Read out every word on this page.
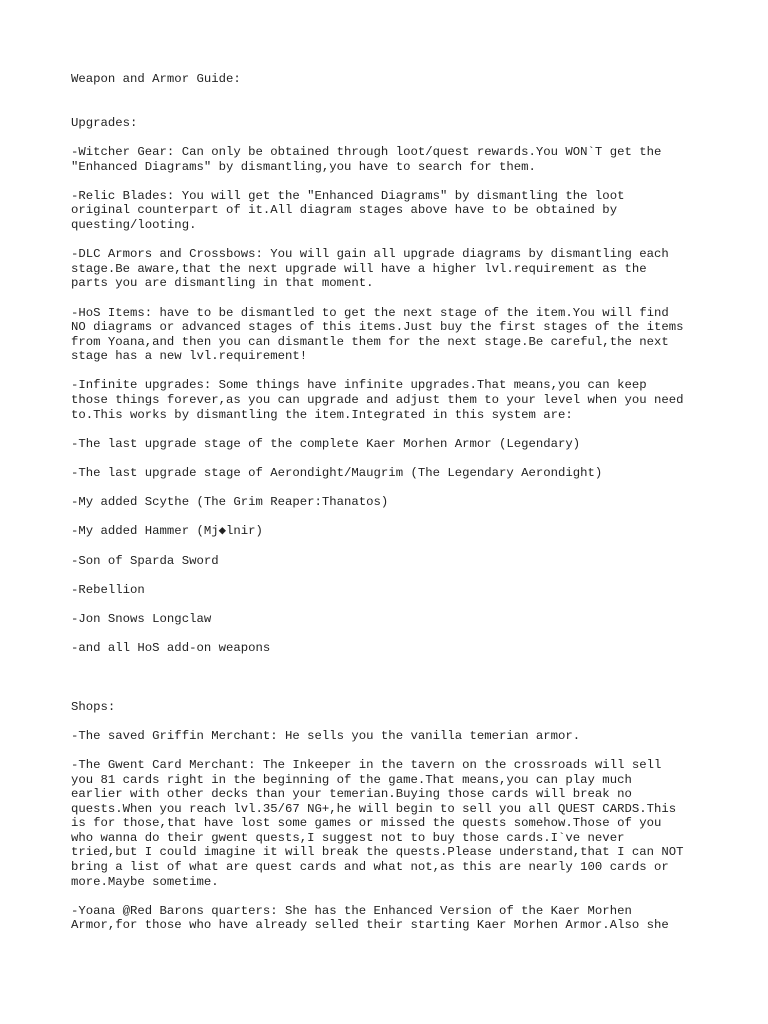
Weapon and Armor Guide:
Upgrades:
-Witcher Gear: Can only be obtained through loot/quest rewards.You WON`T get the
"Enhanced Diagrams" by dismantling,you have to search for them.
-Relic Blades: You will get the "Enhanced Diagrams" by dismantling the loot
original counterpart of it.All diagram stages above have to be obtained by
questing/looting.
-DLC Armors and Crossbows: You will gain all upgrade diagrams by dismantling each
stage.Be aware,that the next upgrade will have a higher lvl.requirement as the
parts you are dismantling in that moment.
-HoS Items: have to be dismantled to get the next stage of the item.You will find
NO diagrams or advanced stages of this items.Just buy the first stages of the items
from Yoana,and then you can dismantle them for the next stage.Be careful,the next
stage has a new lvl.requirement!
-Infinite upgrades: Some things have infinite upgrades.That means,you can keep
those things forever,as you can upgrade and adjust them to your level when you need
to.This works by dismantling the item.Integrated in this system are:
-The last upgrade stage of the complete Kaer Morhen Armor (Legendary)
-The last upgrade stage of Aerondight/Maugrim (The Legendary Aerondight)
-My added Scythe (The Grim Reaper:Thanatos)
-My added Hammer (Mj◆lnir)
-Son of Sparda Sword
-Rebellion
-Jon Snows Longclaw
-and all HoS add-on weapons
Shops:
-The saved Griffin Merchant: He sells you the vanilla temerian armor.
-The Gwent Card Merchant: The Inkeeper in the tavern on the crossroads will sell
you 81 cards right in the beginning of the game.That means,you can play much
earlier with other decks than your temerian.Buying those cards will break no
quests.When you reach lvl.35/67 NG+,he will begin to sell you all QUEST CARDS.This
is for those,that have lost some games or missed the quests somehow.Those of you
who wanna do their gwent quests,I suggest not to buy those cards.I`ve never
tried,but I could imagine it will break the quests.Please understand,that I can NOT
bring a list of what are quest cards and what not,as this are nearly 100 cards or
more.Maybe sometime.
-Yoana @Red Barons quarters: She has the Enhanced Version of the Kaer Morhen
Armor,for those who have already selled their starting Kaer Morhen Armor.Also she
